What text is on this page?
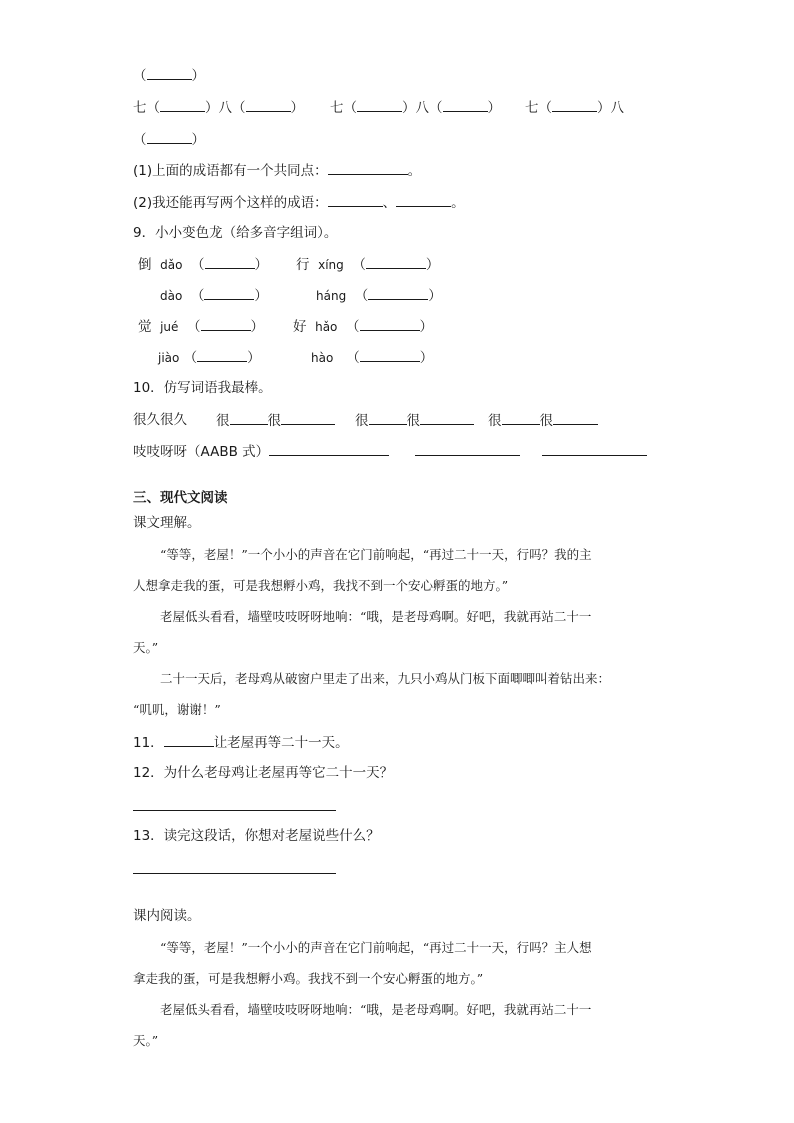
（	）
七（	）八（	） 七（	）八（	） 七（	）八
（	）
(1)上面的成语都有一个共同点：	。
(2)我还能再写两个这样的成语：	、	。
9．小小变色龙（给多音字组词）。
倒 dǎo （	） 行 xíng （	）
dào （	）	háng （	）
觉 jué （	） 好 hǎo （	）
jiào （	）	hào （	）
10．仿写词语我最棒。
很久很久 很	很	很	很	很	很
吱吱呀呀（AABB 式）
三、现代文阅读
课文理解。
“等等，老屋！”一个小小的声音在它门前响起，“再过二十一天，行吗？我的主
人想拿走我的蛋，可是我想孵小鸡，我找不到一个安心孵蛋的地方。”
老屋低头看看，墙壁吱吱呀呀地响：“哦，是老母鸡啊。好吧，我就再站二十一
天。”
二十一天后，老母鸡从破窗户里走了出来，九只小鸡从门板下面唧唧叫着钻出来：
“叽叽，谢谢！”
11．	让老屋再等二十一天。
12．为什么老母鸡让老屋再等它二十一天？
13．读完这段话，你想对老屋说些什么？
课内阅读。
“等等，老屋！”一个小小的声音在它门前响起，“再过二十一天，行吗？主人想
拿走我的蛋，可是我想孵小鸡。我找不到一个安心孵蛋的地方。”
老屋低头看看，墙壁吱吱呀呀地响：“哦，是老母鸡啊。好吧，我就再站二十一
天。”
